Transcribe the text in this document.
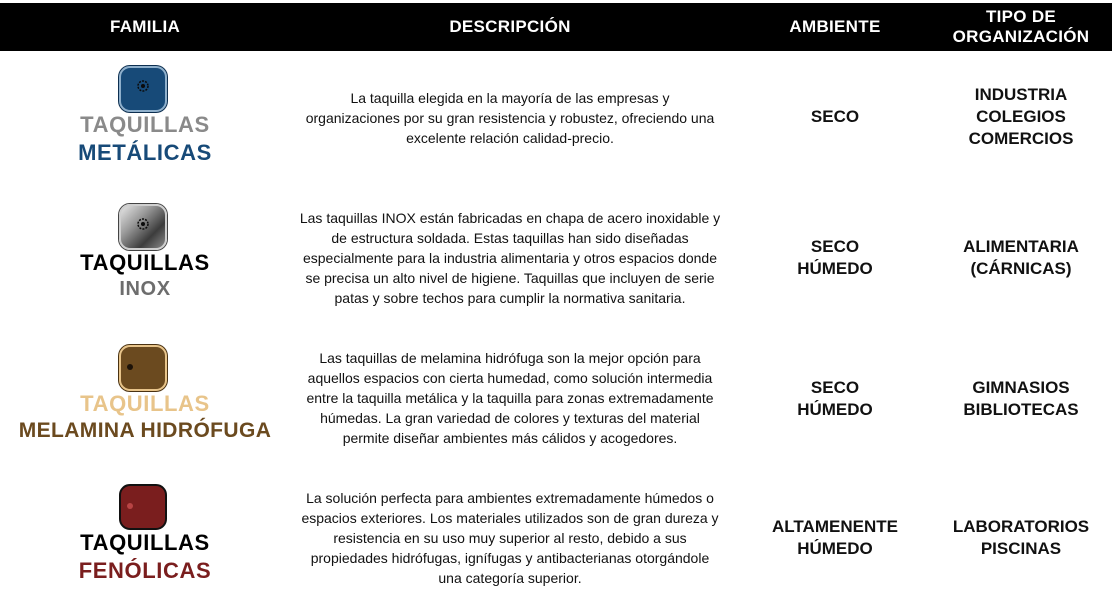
FAMILIA	DESCRIPCIÓN	AMBIENTE
TIPO DE
ORGANIZACIÓN
TAQUILLAS
METÁLICAS
La taquilla elegida en la mayoría de las empresas y
organizaciones por su gran resistencia y robustez, ofreciendo una
excelente relación calidad-precio.
SECO
INDUSTRIA
COLEGIOS
COMERCIOS
TAQUILLAS
INOX
Las taquillas INOX están fabricadas en chapa de acero inoxidable y
de estructura soldada. Estas taquillas han sido diseñadas
especialmente para la industria alimentaria y otros espacios donde
se precisa un alto nivel de higiene. Taquillas que incluyen de serie
patas y sobre techos para cumplir la normativa sanitaria.
SECO
HÚMEDO
ALIMENTARIA
(CÁRNICAS)
TAQUILLAS
MELAMINA HIDRÓFUGA
Las taquillas de melamina hidrófuga son la mejor opción para
aquellos espacios con cierta humedad, como solución intermedia
entre la taquilla metálica y la taquilla para zonas extremadamente
húmedas. La gran variedad de colores y texturas del material
permite diseñar ambientes más cálidos y acogedores.
SECO
HÚMEDO
GIMNASIOS
BIBLIOTECAS
TAQUILLAS
FENÓLICAS
La solución perfecta para ambientes extremadamente húmedos o
espacios exteriores. Los materiales utilizados son de gran dureza y
resistencia en su uso muy superior al resto, debido a sus
propiedades hidrófugas, ignífugas y antibacterianas otorgándole
una categoría superior.
ALTAMENENTE
HÚMEDO
LABORATORIOS
PISCINAS
